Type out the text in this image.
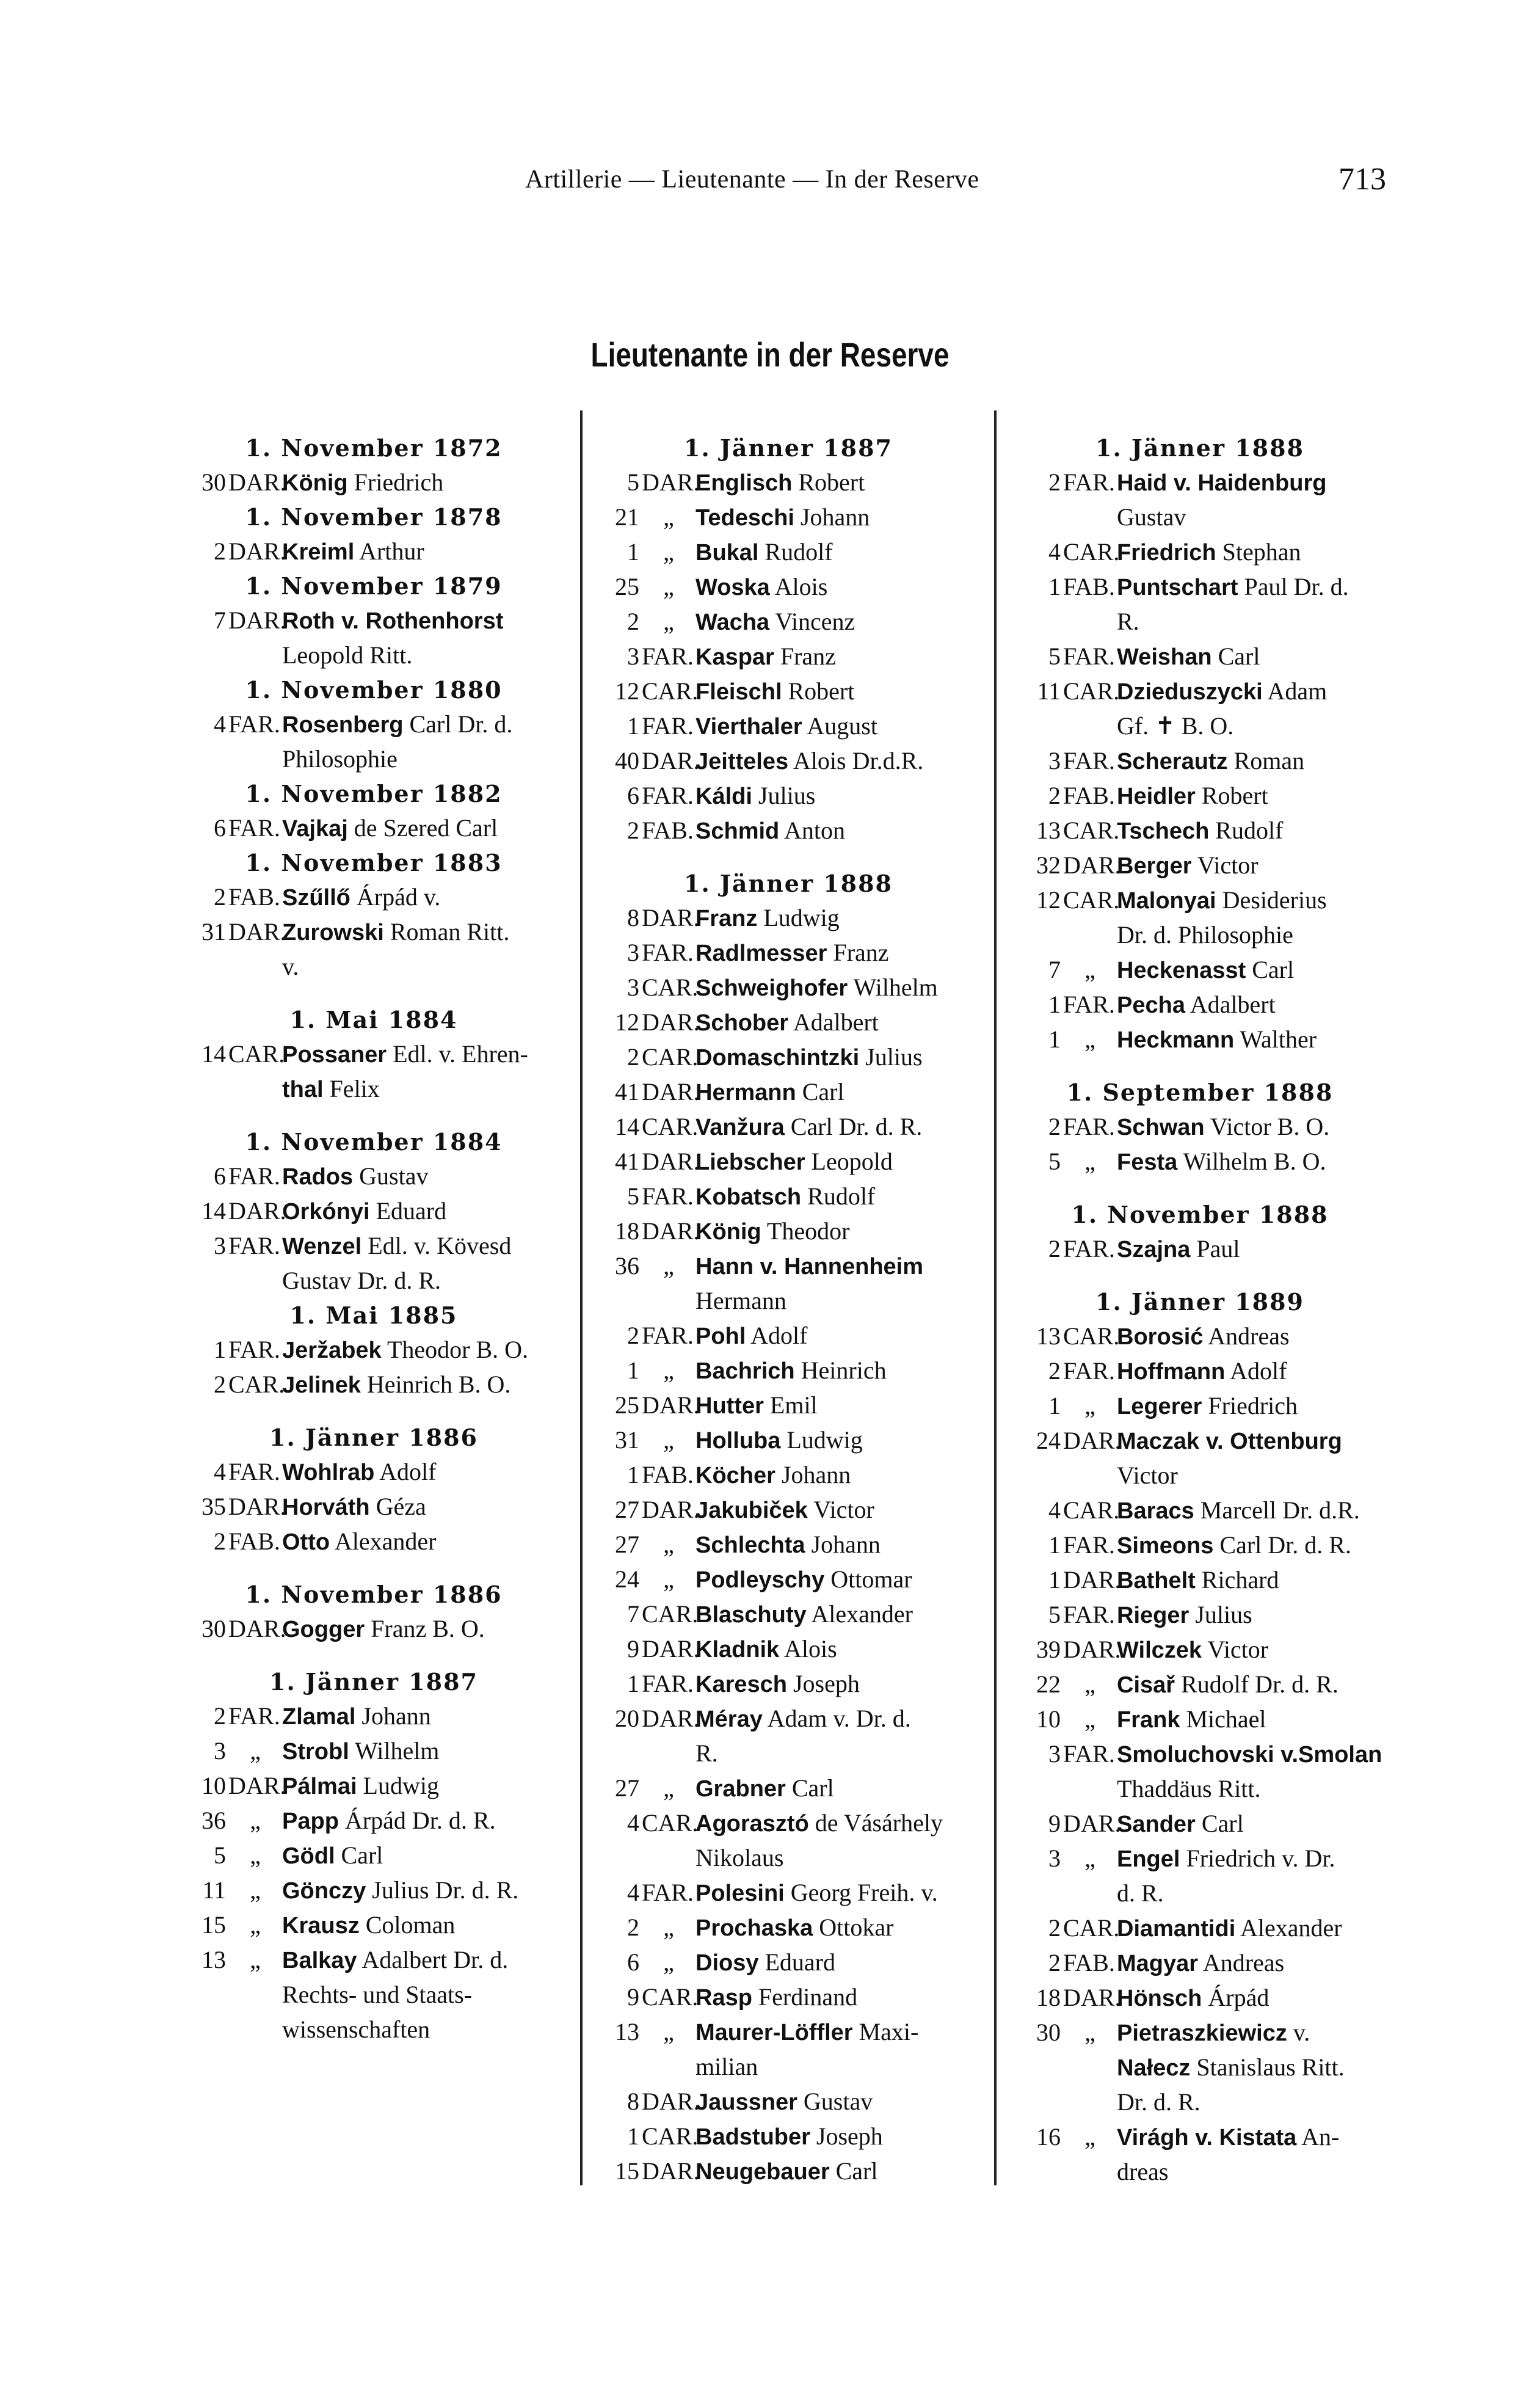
Artillerie — Lieutenante — In der Reserve	713
Lieutenante in der Reserve
1. November 1872
30 DAR.
König Friedrich
1. November 1878
2 DAR.
Kreiml Arthur
1. November 1879
7 DAR.
Roth v. Rothenhorst
Leopold Ritt.
1. November 1880
4 FAR. Rosenberg Carl Dr. d.
Philosophie
1. November 1882
6 FAR. Vajkaj de Szered Carl
1. November 1883
2 FAB. Szűllő Árpád v.
31 DAR.
Zurowski Roman Ritt.
v.
1. Mai 1884
14 CAR.
Possaner Edl. v. Ehren-
thal Felix
1. November 1884
6 FAR. Rados Gustav
14 DAR.
Orkónyi Eduard
3 FAR. Wenzel Edl. v. Kövesd
Gustav Dr. d. R.
1. Mai 1885
1 FAR. Jeržabek Theodor B. O.
2 CAR.
Jelinek Heinrich B. O.
1. Jänner 1886
4 FAR. Wohlrab Adolf
35 DAR.
Horváth Géza
2 FAB. Otto Alexander
1. November 1886
30 DAR.
Gogger Franz B. O.
1. Jänner 1887
2 FAR. Zlamal Johann
3 „ Strobl Wilhelm
10 DAR.
Pálmai Ludwig
36 „ Papp Árpád Dr. d. R.
5 „ Gödl Carl
11 „ Gönczy Julius Dr. d. R.
15 „ Krausz Coloman
13 „ Balkay Adalbert Dr. d.
Rechts- und Staats-
wissenschaften
1. Jänner 1887
5 DAR.
Englisch Robert
21 „ Tedeschi Johann
1 „ Bukal Rudolf
25 „ Woska Alois
2 „ Wacha Vincenz
3 FAR. Kaspar Franz
12 CAR.
Fleischl Robert
1 FAR. Vierthaler August
40 DAR.
Jeitteles Alois Dr.d.R.
6 FAR. Káldi Julius
2 FAB. Schmid Anton
1. Jänner 1888
8 DAR.
Franz Ludwig
3 FAR. Radlmesser Franz
3 CAR.
Schweighofer Wilhelm
12 DAR.
Schober Adalbert
2 CAR.
Domaschintzki Julius
41 DAR.
Hermann Carl
14 CAR.
Vanžura Carl Dr. d. R.
41 DAR.
Liebscher Leopold
5 FAR. Kobatsch Rudolf
18 DAR.
König Theodor
36 „ Hann v. Hannenheim
Hermann
2 FAR. Pohl Adolf
1 „ Bachrich Heinrich
25 DAR.
Hutter Emil
31 „ Holluba Ludwig
1 FAB. Köcher Johann
27 DAR.
Jakubiček Victor
27 „ Schlechta Johann
24 „ Podleyschy Ottomar
7 CAR.
Blaschuty Alexander
9 DAR.
Kladnik Alois
1 FAR. Karesch Joseph
20 DAR.
Méray Adam v. Dr. d.
R.
27 „ Grabner Carl
4 CAR.
Agorasztó de Vásárhely
Nikolaus
4 FAR. Polesini Georg Freih. v.
2 „ Prochaska Ottokar
6 „ Diosy Eduard
9 CAR.
Rasp Ferdinand
13 „ Maurer-Löffler Maxi-
milian
8 DAR.
Jaussner Gustav
1 CAR.
Badstuber Joseph
15 DAR.
Neugebauer Carl
1. Jänner 1888
2 FAR. Haid v. Haidenburg
Gustav
4 CAR.
Friedrich Stephan
1 FAB. Puntschart Paul Dr. d.
R.
5 FAR. Weishan Carl
11 CAR.
Dzieduszycki Adam
Gf. ✝ B. O.
3 FAR. Scherautz Roman
2 FAB. Heidler Robert
13 CAR.
Tschech Rudolf
32 DAR.
Berger Victor
12 CAR.
Malonyai Desiderius
Dr. d. Philosophie
7 „ Heckenasst Carl
1 FAR. Pecha Adalbert
1 „ Heckmann Walther
1. September 1888
2 FAR. Schwan Victor B. O.
5 „ Festa Wilhelm B. O.
1. November 1888
2 FAR. Szajna Paul
1. Jänner 1889
13 CAR.
Borosić Andreas
2 FAR. Hoffmann Adolf
1 „ Legerer Friedrich
24 DAR.
Maczak v. Ottenburg
Victor
4 CAR.
Baracs Marcell Dr. d.R.
1 FAR. Simeons Carl Dr. d. R.
1 DAR.
Bathelt Richard
5 FAR. Rieger Julius
39 DAR.
Wilczek Victor
22 „ Cisař Rudolf Dr. d. R.
10 „ Frank Michael
3 FAR. Smoluchovski v.Smolan
Thaddäus Ritt.
9 DAR.
Sander Carl
3 „ Engel Friedrich v. Dr.
d. R.
2 CAR.
Diamantidi Alexander
2 FAB. Magyar Andreas
18 DAR.
Hönsch Árpád
30 „ Pietraszkiewicz v.
Nałecz Stanislaus Ritt.
Dr. d. R.
16 „ Virágh v. Kistata An-
dreas
